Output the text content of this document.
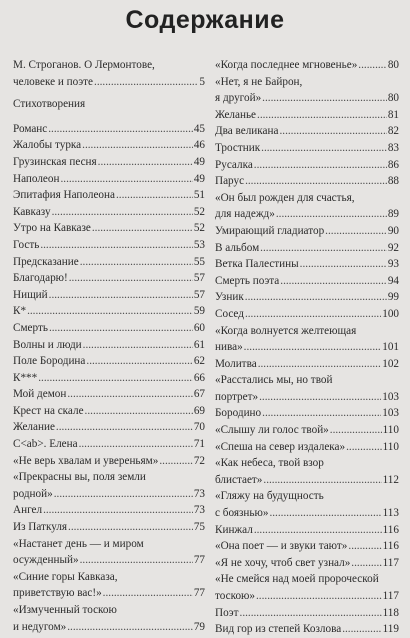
Содержание
М. Строганов. О Лермонтове,
человеке и поэте .....	5
Стихотворения
Романс .....	45
Жалобы турка .....	46
Грузинская песня .....	49
Наполеон .....	49
Эпитафия Наполеона .....	51
Кавказу .....	52
Утро на Кавказе .....	52
Гость .....	53
Предсказание .....	55
Благодарю! .....	57
Нищий .....	57
К* .....	59
Смерть .....	60
Волны и люди .....	61
Поле Бородина .....	62
К*** .....	66
Мой демон .....	67
Крест на скале .....	69
Желание .....	70
С<ab>. Елена .....	71
«Не верь хвалам и увереньям» .....	72
«Прекрасны вы, поля земли
родной» .....	73
Ангел .....	73
Из Паткуля .....	75
«Настанет день — и миром
осужденный» .....	77
«Синие горы Кавказа,
приветствую вас!» .....	77
«Измученный тоскою
и недугом» .....	79
«Когда последнее мгновенье» .....	80
«Нет, я не Байрон,
я другой» .....	80
Желанье .....	81
Два великана .....	82
Тростник .....	83
Русалка .....	86
Парус .....	88
«Он был рожден для счастья,
для надежд» .....	89
Умирающий гладиатор .....	90
В альбом .....	92
Ветка Палестины .....	93
Смерть поэта .....	94
Узник .....	99
Сосед .....	100
«Когда волнуется желтеющая
нива» .....	101
Молитва .....	102
«Расстались мы, но твой
портрет» .....	103
Бородино .....	103
«Слышу ли голос твой» .....	110
«Спеша на север издалека» .....	110
«Как небеса, твой взор
блистает» .....	112
«Гляжу на будущность
с боязнью» .....	113
Кинжал .....	116
«Она поет — и звуки тают» .....	116
«Я не хочу, чтоб свет узнал» .....	117
«Не смейся над моей пророческой
тоскою» .....	117
Поэт .....	118
Вид гор из степей Козлова .....	119
